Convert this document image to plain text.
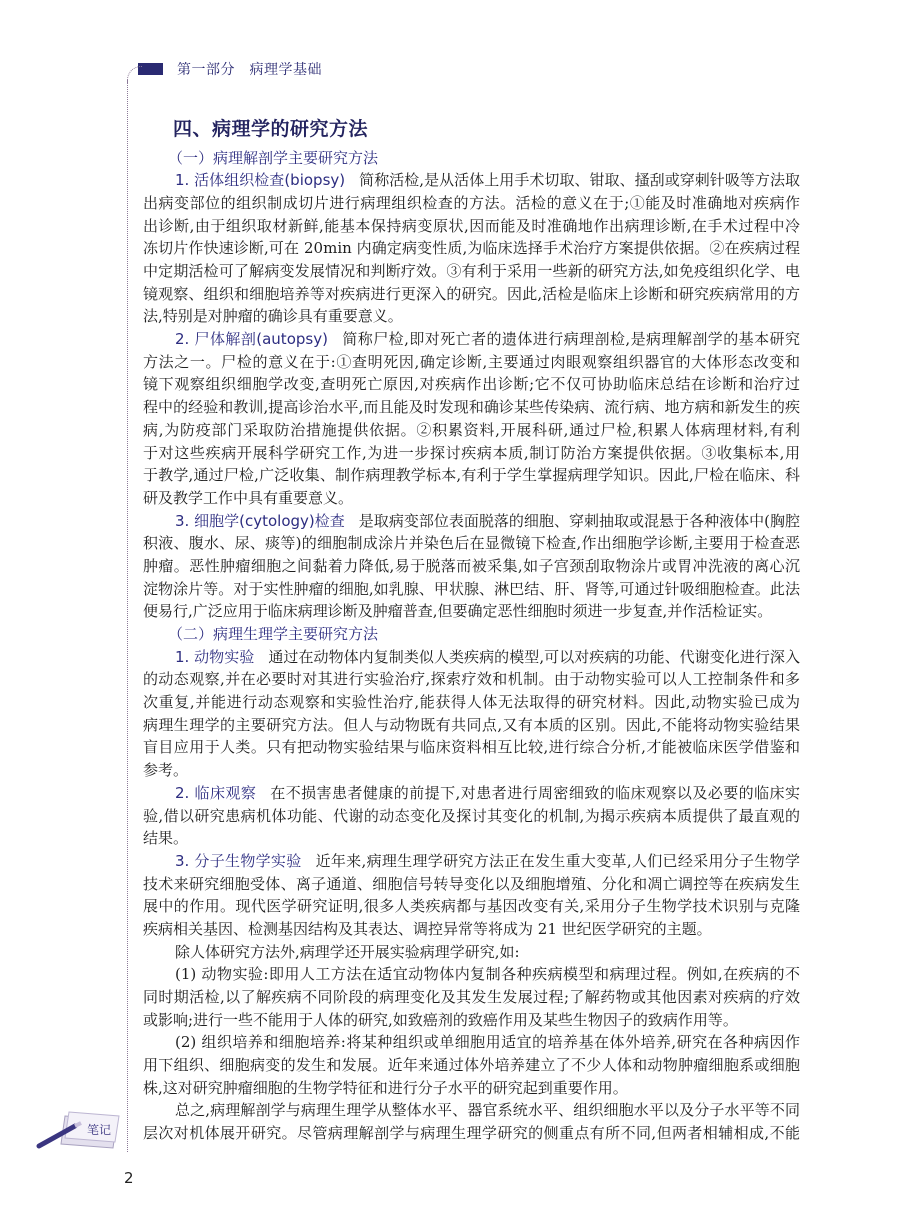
第一部分　病理学基础
四、病理学的研究方法
（一）病理解剖学主要研究方法
1. 活体组织检查(biopsy) 简称活检,是从活体上用手术切取、钳取、搔刮或穿刺针吸等方法取
出病变部位的组织制成切片进行病理组织检查的方法。活检的意义在于;①能及时准确地对疾病作
出诊断,由于组织取材新鲜,能基本保持病变原状,因而能及时准确地作出病理诊断,在手术过程中冷
冻切片作快速诊断,可在 20min 内确定病变性质,为临床选择手术治疗方案提供依据。②在疾病过程
中定期活检可了解病变发展情况和判断疗效。③有利于采用一些新的研究方法,如免疫组织化学、电
镜观察、组织和细胞培养等对疾病进行更深入的研究。因此,活检是临床上诊断和研究疾病常用的方
法,特别是对肿瘤的确诊具有重要意义。
2. 尸体解剖(autopsy) 简称尸检,即对死亡者的遗体进行病理剖检,是病理解剖学的基本研究
方法之一。尸检的意义在于:①查明死因,确定诊断,主要通过肉眼观察组织器官的大体形态改变和
镜下观察组织细胞学改变,查明死亡原因,对疾病作出诊断;它不仅可协助临床总结在诊断和治疗过
程中的经验和教训,提高诊治水平,而且能及时发现和确诊某些传染病、流行病、地方病和新发生的疾
病,为防疫部门采取防治措施提供依据。②积累资料,开展科研,通过尸检,积累人体病理材料,有利
于对这些疾病开展科学研究工作,为进一步探讨疾病本质,制订防治方案提供依据。③收集标本,用
于教学,通过尸检,广泛收集、制作病理教学标本,有利于学生掌握病理学知识。因此,尸检在临床、科
研及教学工作中具有重要意义。
3. 细胞学(cytology)检查 是取病变部位表面脱落的细胞、穿刺抽取或混悬于各种液体中(胸腔
积液、腹水、尿、痰等)的细胞制成涂片并染色后在显微镜下检查,作出细胞学诊断,主要用于检查恶
肿瘤。恶性肿瘤细胞之间黏着力降低,易于脱落而被采集,如子宫颈刮取物涂片或胃冲洗液的离心沉
淀物涂片等。对于实性肿瘤的细胞,如乳腺、甲状腺、淋巴结、肝、肾等,可通过针吸细胞检查。此法
便易行,广泛应用于临床病理诊断及肿瘤普查,但要确定恶性细胞时须进一步复查,并作活检证实。
（二）病理生理学主要研究方法
1. 动物实验 通过在动物体内复制类似人类疾病的模型,可以对疾病的功能、代谢变化进行深入
的动态观察,并在必要时对其进行实验治疗,探索疗效和机制。由于动物实验可以人工控制条件和多
次重复,并能进行动态观察和实验性治疗,能获得人体无法取得的研究材料。因此,动物实验已成为
病理生理学的主要研究方法。但人与动物既有共同点,又有本质的区别。因此,不能将动物实验结果
盲目应用于人类。只有把动物实验结果与临床资料相互比较,进行综合分析,才能被临床医学借鉴和
参考。
2. 临床观察 在不损害患者健康的前提下,对患者进行周密细致的临床观察以及必要的临床实
验,借以研究患病机体功能、代谢的动态变化及探讨其变化的机制,为揭示疾病本质提供了最直观的
结果。
3. 分子生物学实验 近年来,病理生理学研究方法正在发生重大变革,人们已经采用分子生物学
技术来研究细胞受体、离子通道、细胞信号转导变化以及细胞增殖、分化和凋亡调控等在疾病发生
展中的作用。现代医学研究证明,很多人类疾病都与基因改变有关,采用分子生物学技术识别与克隆
疾病相关基因、检测基因结构及其表达、调控异常等将成为 21 世纪医学研究的主题。
除人体研究方法外,病理学还开展实验病理学研究,如:
(1) 动物实验:即用人工方法在适宜动物体内复制各种疾病模型和病理过程。例如,在疾病的不
同时期活检,以了解疾病不同阶段的病理变化及其发生发展过程;了解药物或其他因素对疾病的疗效
或影响;进行一些不能用于人体的研究,如致癌剂的致癌作用及某些生物因子的致病作用等。
(2) 组织培养和细胞培养:将某种组织或单细胞用适宜的培养基在体外培养,研究在各种病因作
用下组织、细胞病变的发生和发展。近年来通过体外培养建立了不少人体和动物肿瘤细胞系或细胞
株,这对研究肿瘤细胞的生物学特征和进行分子水平的研究起到重要作用。
总之,病理解剖学与病理生理学从整体水平、器官系统水平、组织细胞水平以及分子水平等不同
层次对机体展开研究。尽管病理解剖学与病理生理学研究的侧重点有所不同,但两者相辅相成,不能
笔记
2
